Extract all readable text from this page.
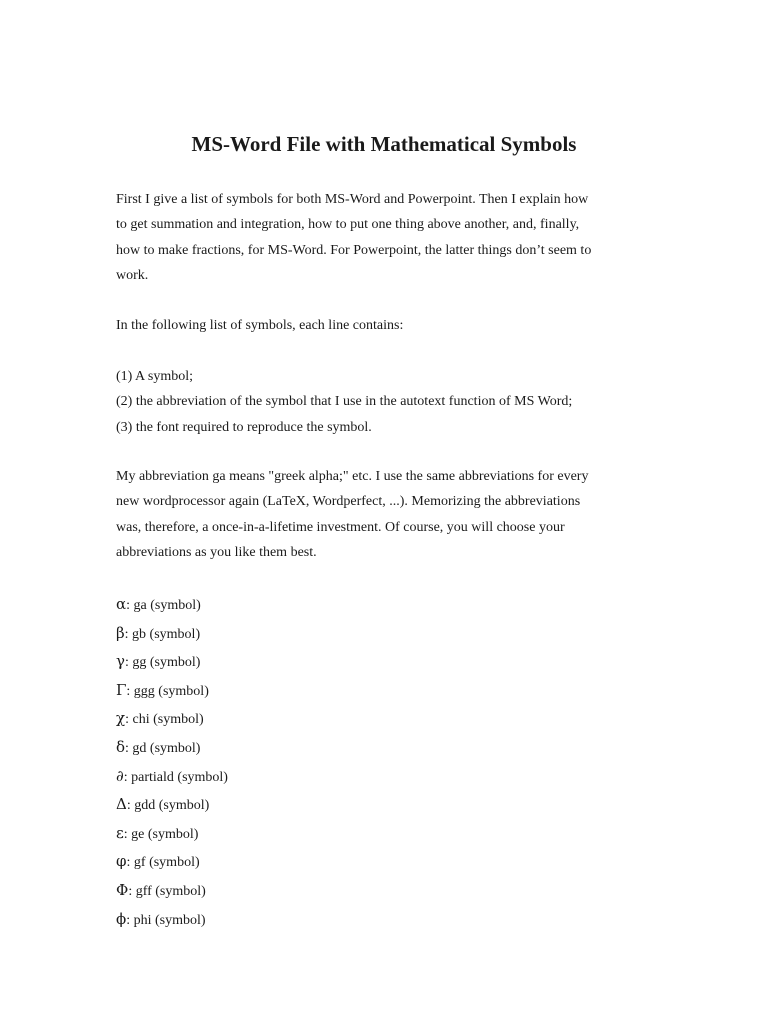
MS-Word File with Mathematical Symbols

First I give a list of symbols for both MS-Word and Powerpoint. Then I explain how
to get summation and integration, how to put one thing above another, and, finally,
how to make fractions, for MS-Word. For Powerpoint, the latter things don’t seem to
work.

In the following list of symbols, each line contains:

(1) A symbol;
(2) the abbreviation of the symbol that I use in the autotext function of MS Word;
(3) the font required to reproduce the symbol.

My abbreviation ga means "greek alpha;" etc. I use the same abbreviations for every
new wordprocessor again (LaTeX, Wordperfect, ...). Memorizing the abbreviations
was, therefore, a once-in-a-lifetime investment. Of course, you will choose your
abbreviations as you like them best.

α: ga (symbol)
β: gb (symbol)
γ: gg (symbol)
Γ: ggg (symbol)
χ: chi (symbol)
δ: gd (symbol)
∂: partiald (symbol)
Δ: gdd (symbol)
ε: ge (symbol)
φ: gf (symbol)
Φ: gff (symbol)
ϕ: phi (symbol)
